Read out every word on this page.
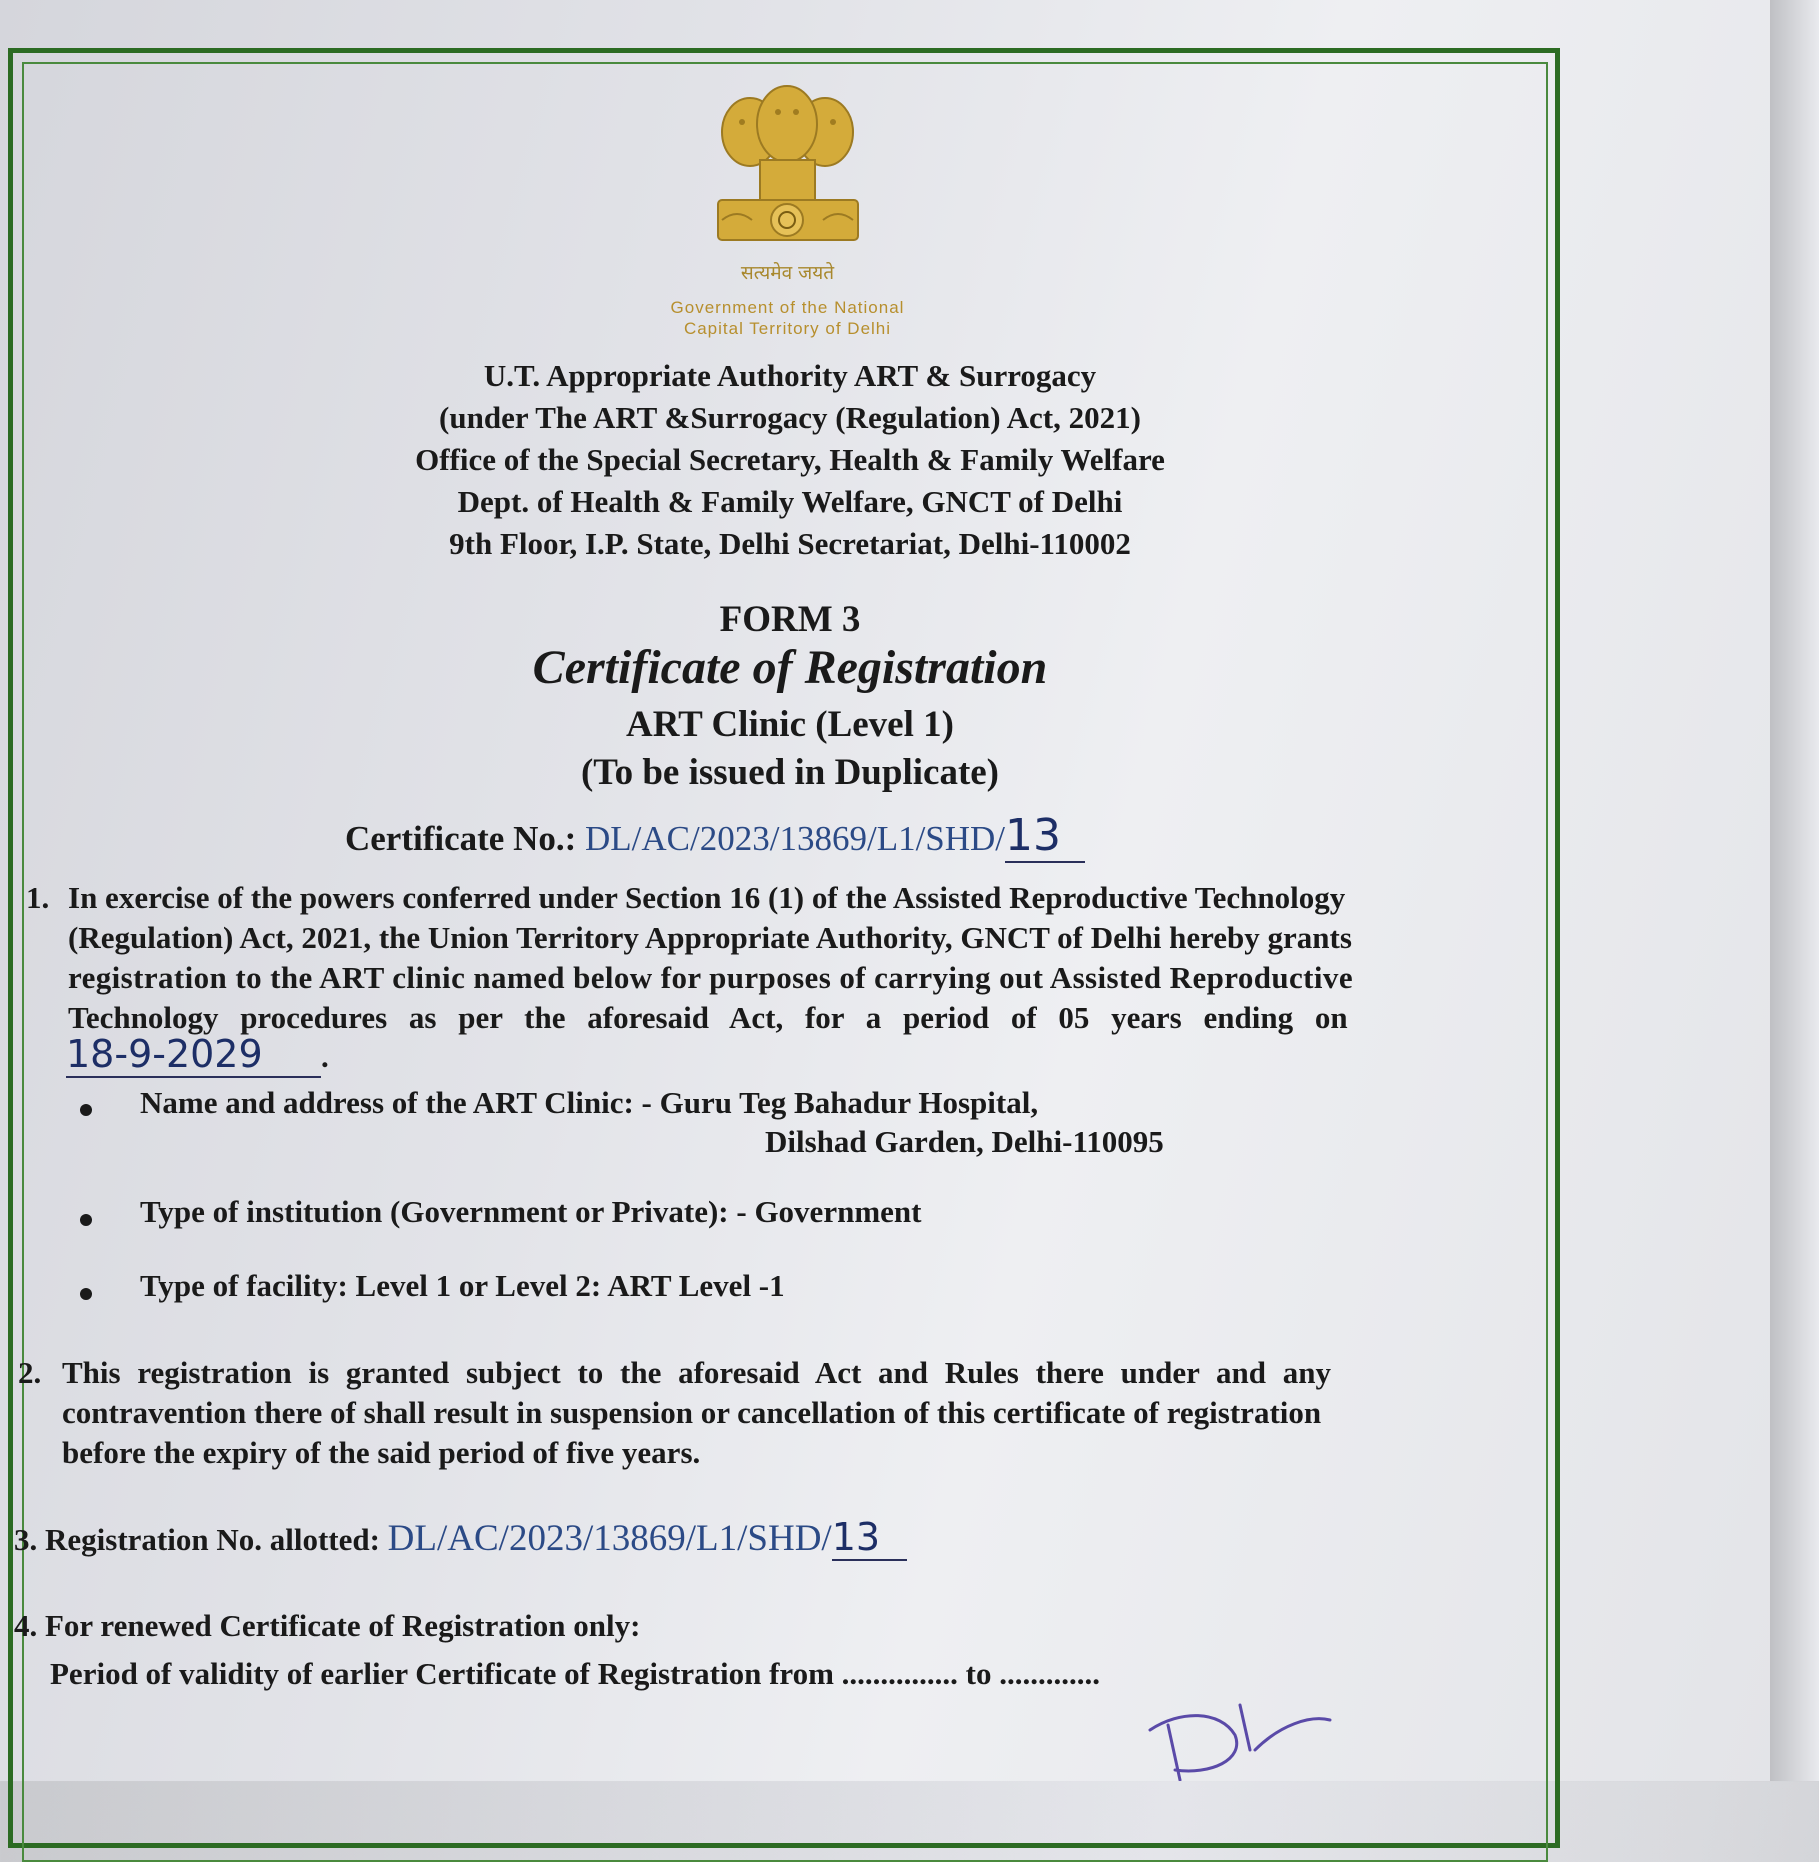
सत्यमेव जयते
Government of the National
Capital Territory of Delhi
U.T. Appropriate Authority ART & Surrogacy
(under The ART &Surrogacy (Regulation) Act, 2021)
Office of the Special Secretary, Health & Family Welfare
Dept. of Health & Family Welfare, GNCT of Delhi
9th Floor, I.P. State, Delhi Secretariat, Delhi-110002
FORM 3
Certificate of Registration
ART Clinic (Level 1)
(To be issued in Duplicate)
Certificate No.: DL/AC/2023/13869/L1/SHD/13
1. In exercise of the powers conferred under Section 16 (1) of the Assisted Reproductive Technology
(Regulation) Act, 2021, the Union Territory Appropriate Authority, GNCT of Delhi hereby grants
registration to the ART clinic named below for purposes of carrying out Assisted Reproductive
Technology procedures as per the aforesaid Act, for a period of 05 years ending on
18-9-2029 .
Name and address of the ART Clinic: - Guru Teg Bahadur Hospital,
Dilshad Garden, Delhi-110095
Type of institution (Government or Private): - Government
Type of facility: Level 1 or Level 2: ART Level -1
2. This registration is granted subject to the aforesaid Act and Rules there under and any
contravention there of shall result in suspension or cancellation of this certificate of registration
before the expiry of the said period of five years.
3. Registration No. allotted: DL/AC/2023/13869/L1/SHD/13
4. For renewed Certificate of Registration only:
Period of validity of earlier Certificate of Registration from ............... to .............
